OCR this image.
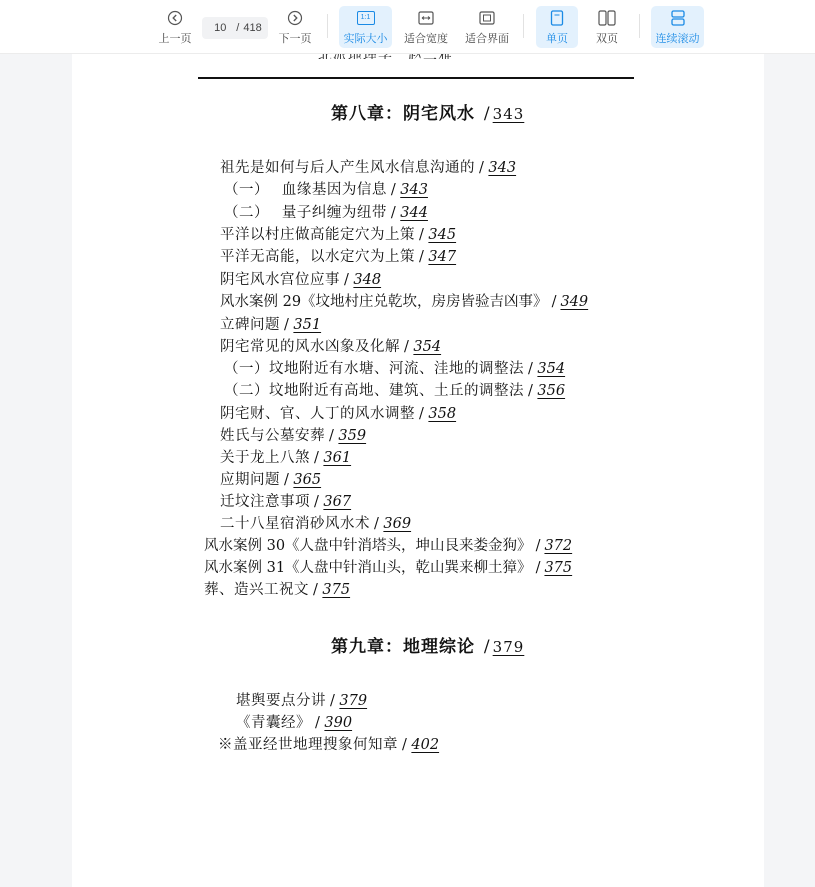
上一页
10
/ 418
下一页
1:1
实际大小 适合宽度 适合界面	单页	双页	连续滚动
第八章：阴宅风水 / 343
祖先是如何与后人产生风水信息沟通的 / 343
（一）　 血缘基因为信息 / 343
（二）　 量子纠缠为纽带 / 344
平洋以村庄做高能定穴为上策 / 345
平洋无高能，以水定穴为上策 / 347
阴宅风水宫位应事 / 348
风水案例 29《坟地村庄兑乾坎，房房皆验吉凶事》 / 349
立碑问题 / 351
阴宅常见的风水凶象及化解 / 354
（一）坟地附近有水塘、河流、洼地的调整法 / 354
（二）坟地附近有高地、建筑、土丘的调整法 / 356
阴宅财、官、人丁的风水调整 / 358
姓氏与公墓安葬 / 359
关于龙上八煞 / 361
应期问题 / 365
迁坟注意事项 / 367
二十八星宿消砂风水术 / 369
风水案例 30《人盘中针消塔头，坤山艮来娄金狗》 / 372
风水案例 31《人盘中针消山头，乾山巽来柳土獐》 / 375
葬、造兴工祝文 / 375
第九章：地理综论 / 379
堪舆要点分讲 / 379
《青囊经》 / 390
※盖亚经世地理搜象何知章 / 402
